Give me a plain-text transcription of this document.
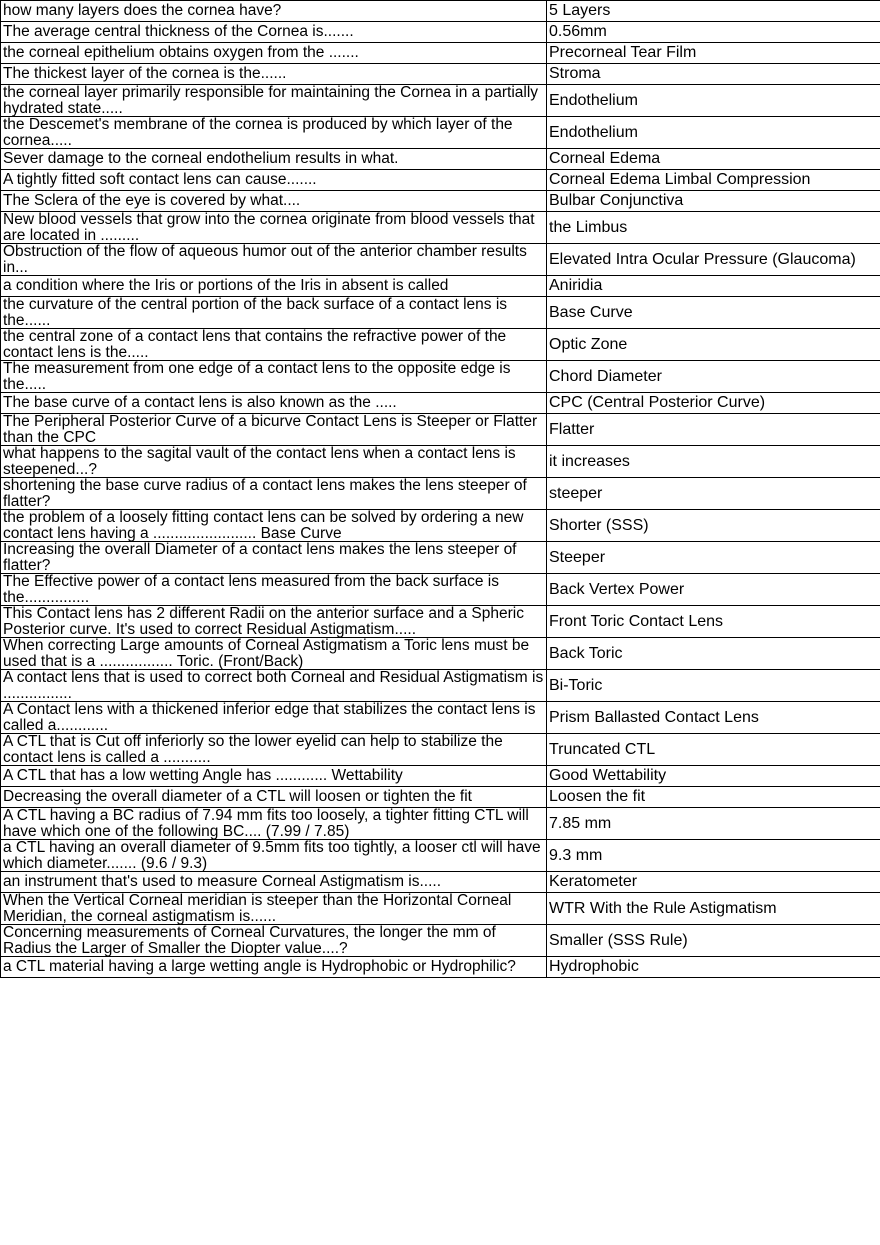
how many layers does the cornea have?	5 Layers
The average central thickness of the Cornea is.......	0.56mm
the corneal epithelium obtains oxygen from the .......	Precorneal Tear Film
The thickest layer of the cornea is the......	Stroma
the corneal layer primarily responsible for maintaining the Cornea in a partially hydrated state.....	Endothelium
the Descemet's membrane of the cornea is produced by which layer of the cornea.....	Endothelium
Sever damage to the corneal endothelium results in what.	Corneal Edema
A tightly fitted soft contact lens can cause.......	Corneal Edema Limbal Compression
The Sclera of the eye is covered by what....	Bulbar Conjunctiva
New blood vessels that grow into the cornea originate from blood vessels that are located in .........	the Limbus
Obstruction of the flow of aqueous humor out of the anterior chamber results in...	Elevated Intra Ocular Pressure (Glaucoma)
a condition where the Iris or portions of the Iris in absent is called	Aniridia
the curvature of the central portion of the back surface of a contact lens is the......	Base Curve
the central zone of a contact lens that contains the refractive power of the contact lens is the.....	Optic Zone
The measurement from one edge of a contact lens to the opposite edge is the.....	Chord Diameter
The base curve of a contact lens is also known as the .....	CPC (Central Posterior Curve)
The Peripheral Posterior Curve of a bicurve Contact Lens is Steeper or Flatter than the CPC	Flatter
what happens to the sagital vault of the contact lens when a contact lens is steepened...?	it increases
shortening the base curve radius of a contact lens makes the lens steeper of flatter?	steeper
the problem of a loosely fitting contact lens can be solved by ordering a new contact lens having a ........................ Base Curve	Shorter (SSS)
Increasing the overall Diameter of a contact lens makes the lens steeper of flatter?	Steeper
The Effective power of a contact lens measured from the back surface is the...............	Back Vertex Power
This Contact lens has 2 different Radii on the anterior surface and a Spheric Posterior curve. It's used to correct Residual Astigmatism.....	Front Toric Contact Lens
When correcting Large amounts of Corneal Astigmatism a Toric lens must be used that is a ................. Toric. (Front/Back)	Back Toric
A contact lens that is used to correct both Corneal and Residual Astigmatism is ................	Bi-Toric
A Contact lens with a thickened inferior edge that stabilizes the contact lens is called a............	Prism Ballasted Contact Lens
A CTL that is Cut off inferiorly so the lower eyelid can help to stabilize the contact lens is called a ...........	Truncated CTL
A CTL that has a low wetting Angle has ............ Wettability	Good Wettability
Decreasing the overall diameter of a CTL will loosen or tighten the fit	Loosen the fit
A CTL having a BC radius of 7.94 mm fits too loosely, a tighter fitting CTL will have which one of the following BC.... (7.99 / 7.85)	7.85 mm
a CTL having an overall diameter of 9.5mm fits too tightly, a looser ctl will have which diameter....... (9.6 / 9.3)	9.3 mm
an instrument that's used to measure Corneal Astigmatism is.....	Keratometer
When the Vertical Corneal meridian is steeper than the Horizontal Corneal Meridian, the corneal astigmatism is......	WTR With the Rule Astigmatism
Concerning measurements of Corneal Curvatures, the longer the mm of Radius the Larger of Smaller the Diopter value....?	Smaller (SSS Rule)
a CTL material having a large wetting angle is Hydrophobic or Hydrophilic?	Hydrophobic
